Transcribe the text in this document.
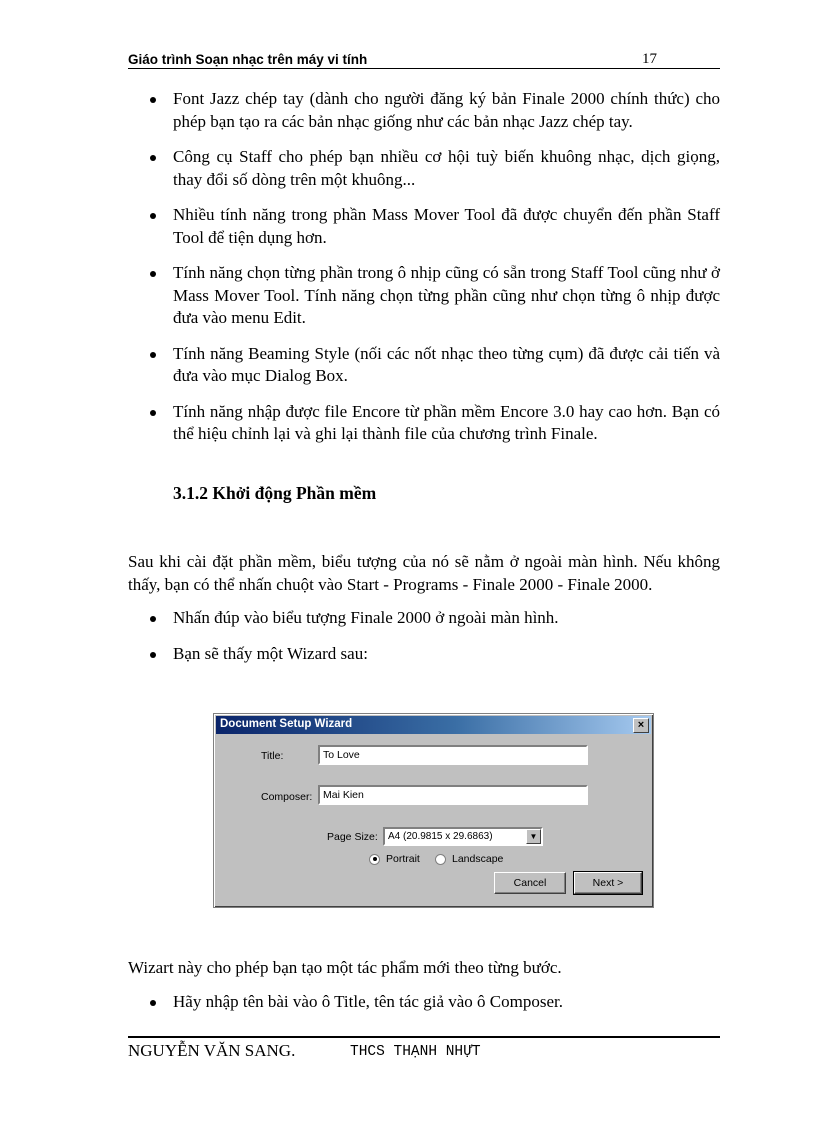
Giáo trình Soạn nhạc trên máy vi tính	17
Font Jazz chép tay (dành cho người đăng ký bản Finale 2000 chính thức) cho phép bạn tạo ra các bản nhạc giống như các bản nhạc Jazz chép tay.
Công cụ Staff cho phép bạn nhiều cơ hội tuỳ biến khuông nhạc, dịch giọng, thay đổi số dòng trên một khuông...
Nhiều tính năng trong phần Mass Mover Tool đã được chuyển đến phần Staff Tool để tiện dụng hơn.
Tính năng chọn từng phần trong ô nhịp cũng có sẵn trong Staff Tool cũng như ở Mass Mover Tool. Tính năng chọn từng phần cũng như chọn từng ô nhịp được đưa vào menu Edit.
Tính năng Beaming Style (nối các nốt nhạc theo từng cụm) đã được cải tiến và đưa vào mục Dialog Box.
Tính năng nhập được file Encore từ phần mềm Encore 3.0 hay cao hơn. Bạn có thể hiệu chỉnh lại và ghi lại thành file của chương trình Finale.
3.1.2 Khởi động Phần mềm
Sau khi cài đặt phần mềm, biểu tượng của nó sẽ nằm ở ngoài màn hình. Nếu không thấy, bạn có thể nhấn chuột vào Start - Programs - Finale 2000 - Finale 2000.
Nhấn đúp vào biểu tượng Finale 2000 ở ngoài màn hình.
Bạn sẽ thấy một Wizard sau:
Document Setup Wizard	×
Title:	To Love
Composer:	Mai Kien
Page Size:	A4 (20.9815 x 29.6863)	▼
Portrait	Landscape
Cancel	Next >
Wizart này cho phép bạn tạo một tác phẩm mới theo từng bước.
Hãy nhập tên bài vào ô Title, tên tác giả vào ô Composer.
NGUYỄN VĂN SANG.	THCS THẠNH NHỰT
